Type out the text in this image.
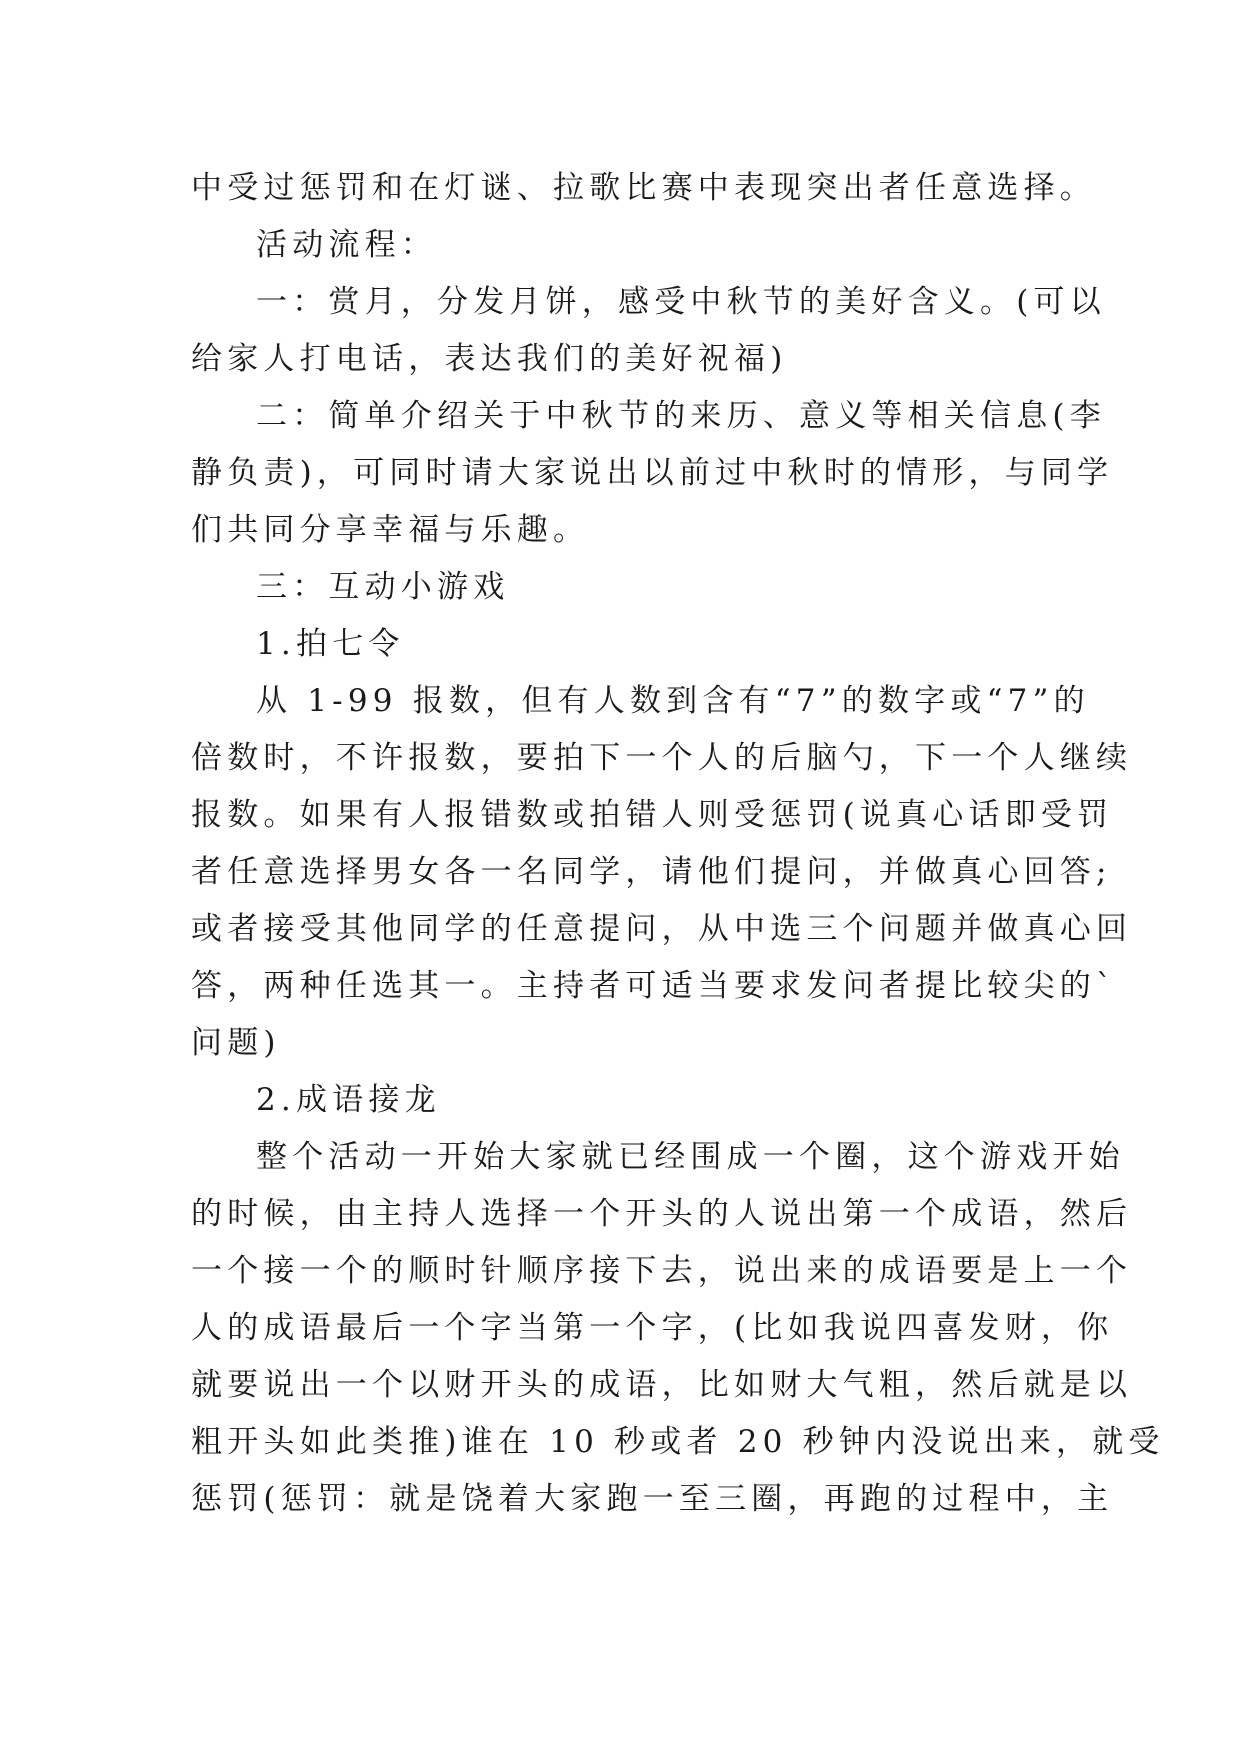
中受过惩罚和在灯谜、拉歌比赛中表现突出者任意选择。
活动流程：
一：赏月，分发月饼，感受中秋节的美好含义。(可以
给家人打电话，表达我们的美好祝福)
二：简单介绍关于中秋节的来历、意义等相关信息(李
静负责)，可同时请大家说出以前过中秋时的情形，与同学
们共同分享幸福与乐趣。
三：互动小游戏
1.拍七令
从 1-99 报数，但有人数到含有“7”的数字或“7”的
倍数时，不许报数，要拍下一个人的后脑勺，下一个人继续
报数。如果有人报错数或拍错人则受惩罚(说真心话即受罚
者任意选择男女各一名同学，请他们提问，并做真心回答;
或者接受其他同学的任意提问，从中选三个问题并做真心回
答，两种任选其一。主持者可适当要求发问者提比较尖的`
问题)
2.成语接龙
整个活动一开始大家就已经围成一个圈，这个游戏开始
的时候，由主持人选择一个开头的人说出第一个成语，然后
一个接一个的顺时针顺序接下去，说出来的成语要是上一个
人的成语最后一个字当第一个字，(比如我说四喜发财，你
就要说出一个以财开头的成语，比如财大气粗，然后就是以
粗开头如此类推)谁在 10 秒或者 20 秒钟内没说出来，就受
惩罚(惩罚：就是饶着大家跑一至三圈，再跑的过程中，主
